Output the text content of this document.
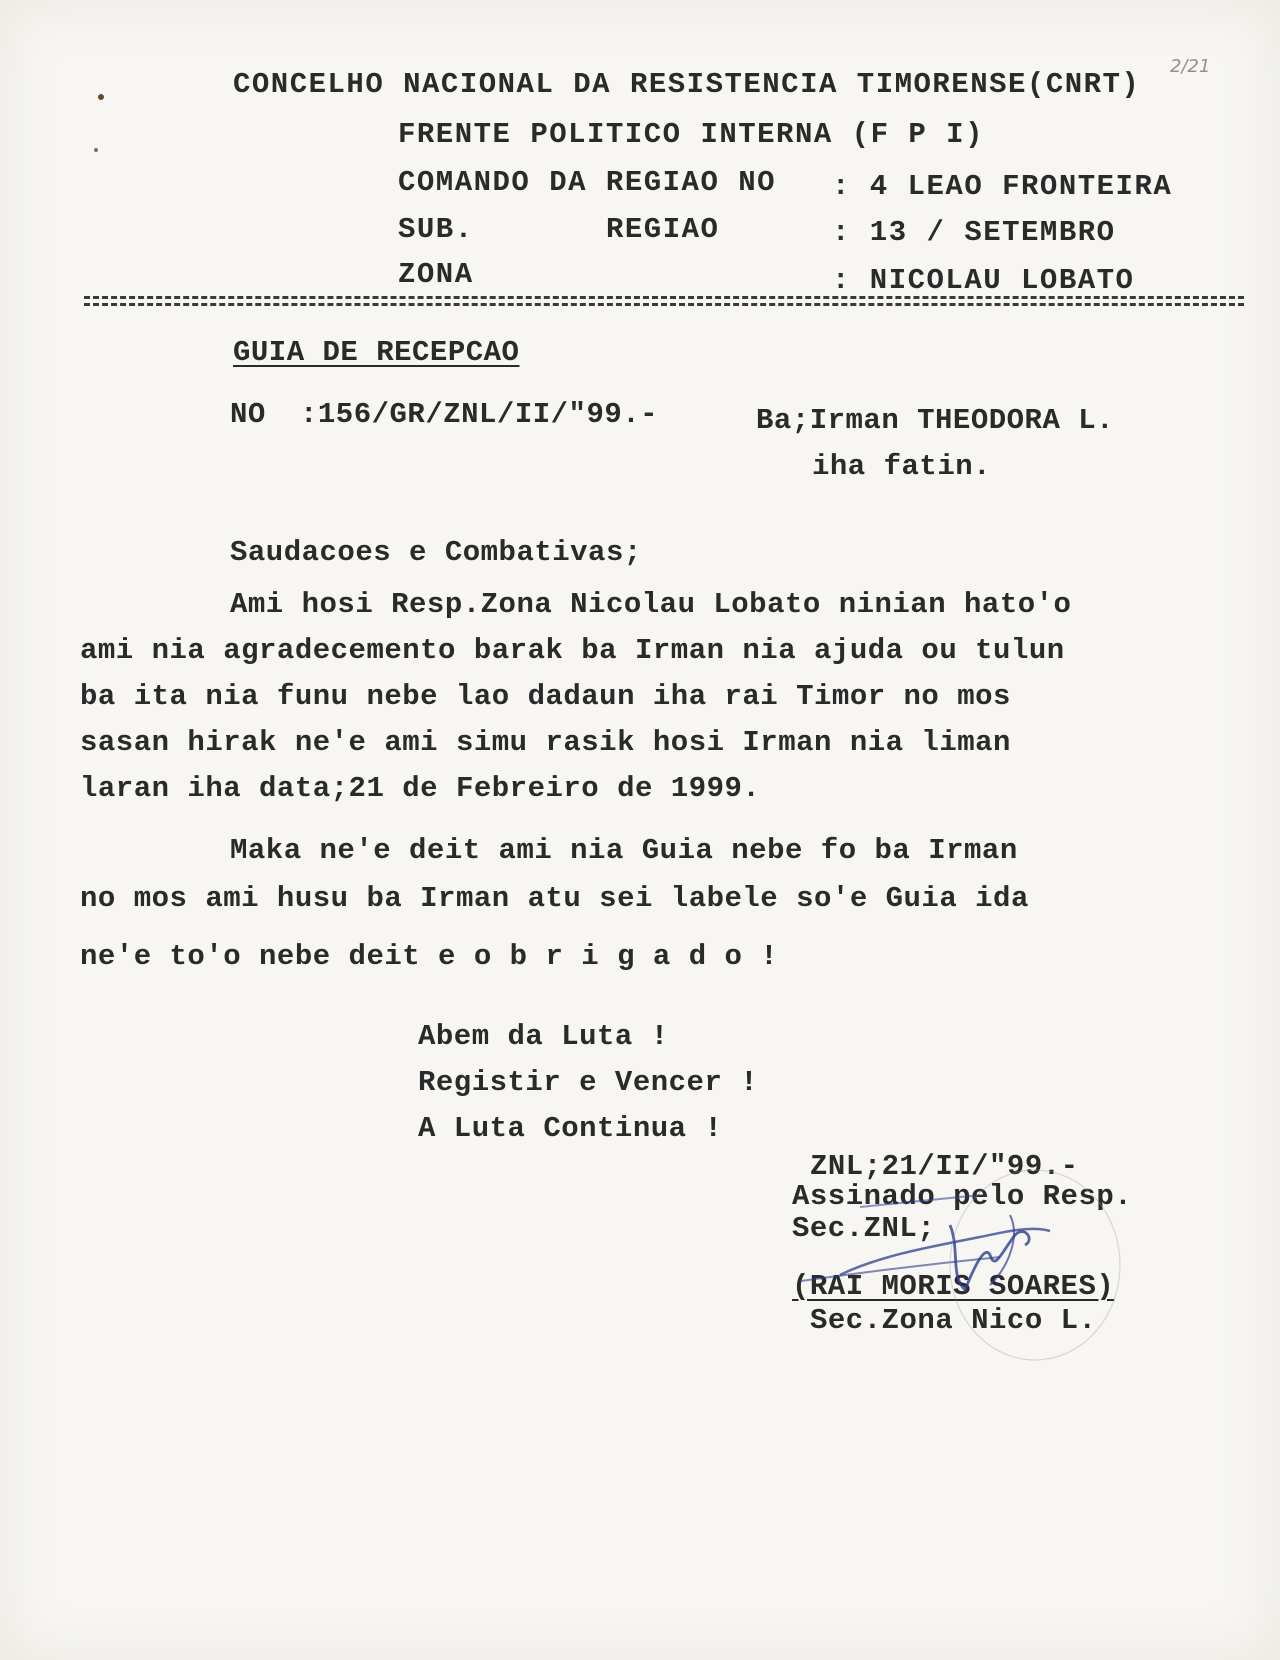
2/21
CONCELHO NACIONAL DA RESISTENCIA TIMORENSE(CNRT)
FRENTE POLITICO INTERNA (F P I)
COMANDO DA REGIAO NO : 4 LEAO FRONTEIRA
SUB.	REGIAO	: 13 / SETEMBRO
ZONA	: NICOLAU LOBATO
GUIA DE RECEPCAO
NO :156/GR/ZNL/II/"99.-	Ba;Irman THEODORA L.
iha fatin.
Saudacoes e Combativas;
Ami hosi Resp.Zona Nicolau Lobato ninian hato'o
ami nia agradecemento barak ba Irman nia ajuda ou tulun
ba ita nia funu nebe lao dadaun iha rai Timor no mos
sasan hirak ne'e ami simu rasik hosi Irman nia liman
laran iha data;21 de Febreiro de 1999.
Maka ne'e deit ami nia Guia nebe fo ba Irman
no mos ami husu ba Irman atu sei labele so'e Guia ida
ne'e to'o nebe deit e o b r i g a d o !
Abem da Luta !
Registir e Vencer !
A Luta Continua !
ZNL;21/II/"99.-
Assinado pelo Resp.
Sec.ZNL;
(RAI MORIS SOARES)
Sec.Zona Nico L.
